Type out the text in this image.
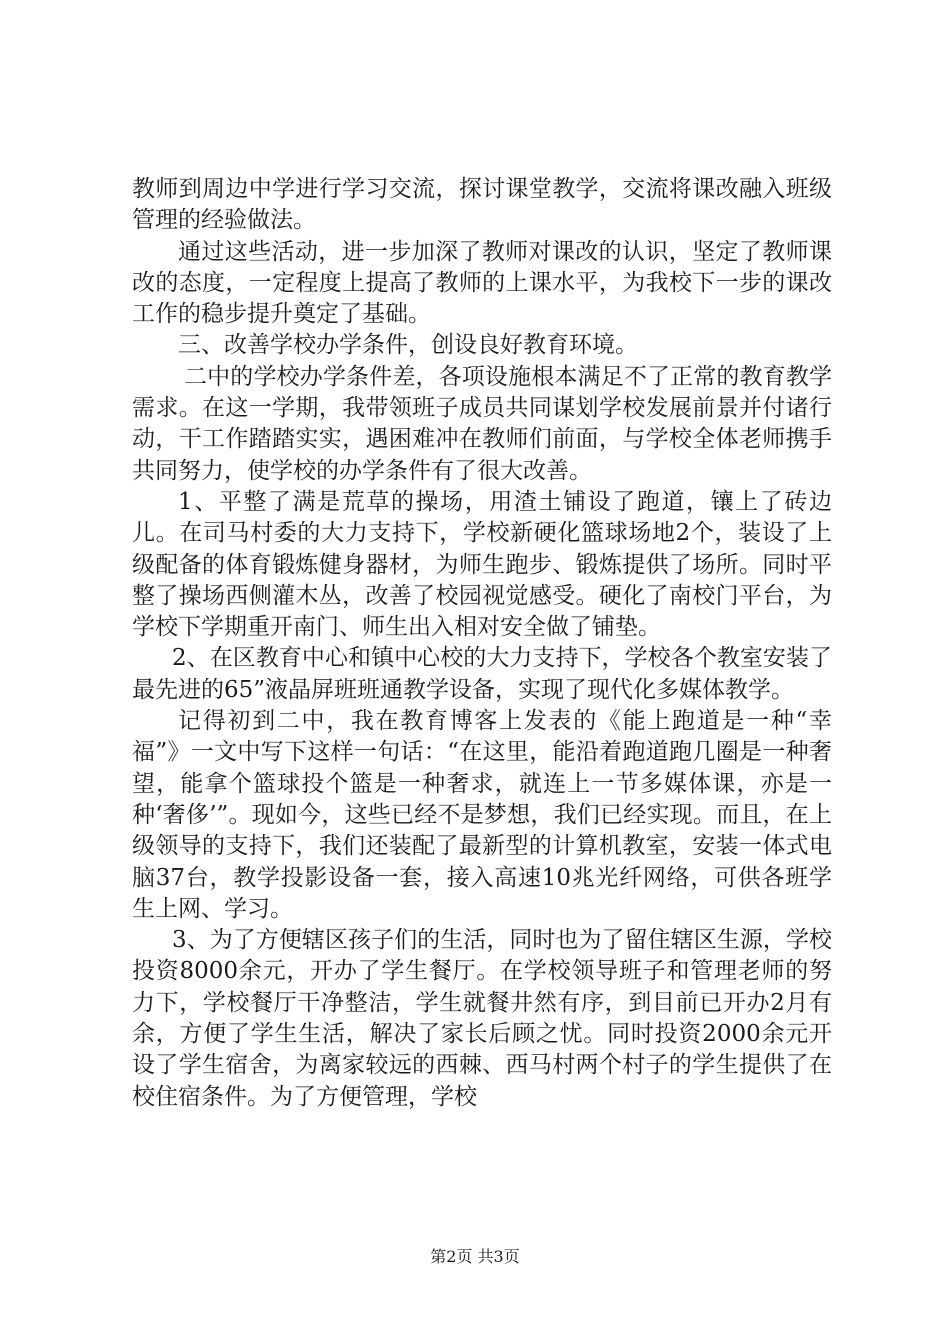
教师到周边中学进行学习交流，探讨课堂教学，交流将课改融入班级管理的经验做法。

通过这些活动，进一步加深了教师对课改的认识，坚定了教师课改的态度，一定程度上提高了教师的上课水平，为我校下一步的课改工作的稳步提升奠定了基础。

三、改善学校办学条件，创设良好教育环境。

二中的学校办学条件差，各项设施根本满足不了正常的教育教学需求。在这一学期，我带领班子成员共同谋划学校发展前景并付诸行动，干工作踏踏实实，遇困难冲在教师们前面，与学校全体老师携手共同努力，使学校的办学条件有了很大改善。

1、平整了满是荒草的操场，用渣土铺设了跑道，镶上了砖边儿。在司马村委的大力支持下，学校新硬化篮球场地2个，装设了上级配备的体育锻炼健身器材，为师生跑步、锻炼提供了场所。同时平整了操场西侧灌木丛，改善了校园视觉感受。硬化了南校门平台，为学校下学期重开南门、师生出入相对安全做了铺垫。

2、在区教育中心和镇中心校的大力支持下，学校各个教室安装了最先进的65”液晶屏班班通教学设备，实现了现代化多媒体教学。

记得初到二中，我在教育博客上发表的《能上跑道是一种“幸福”》一文中写下这样一句话：“在这里，能沿着跑道跑几圈是一种奢望，能拿个篮球投个篮是一种奢求，就连上一节多媒体课，亦是一种‘奢侈’”。现如今，这些已经不是梦想，我们已经实现。而且，在上级领导的支持下，我们还装配了最新型的计算机教室，安装一体式电脑37台，教学投影设备一套，接入高速10兆光纤网络，可供各班学生上网、学习。

3、为了方便辖区孩子们的生活，同时也为了留住辖区生源，学校投资8000余元，开办了学生餐厅。在学校领导班子和管理老师的努力下，学校餐厅干净整洁，学生就餐井然有序，到目前已开办2月有余，方便了学生生活，解决了家长后顾之忧。同时投资2000余元开设了学生宿舍，为离家较远的西棘、西马村两个村子的学生提供了在校住宿条件。为了方便管理，学校

第2页 共3页
